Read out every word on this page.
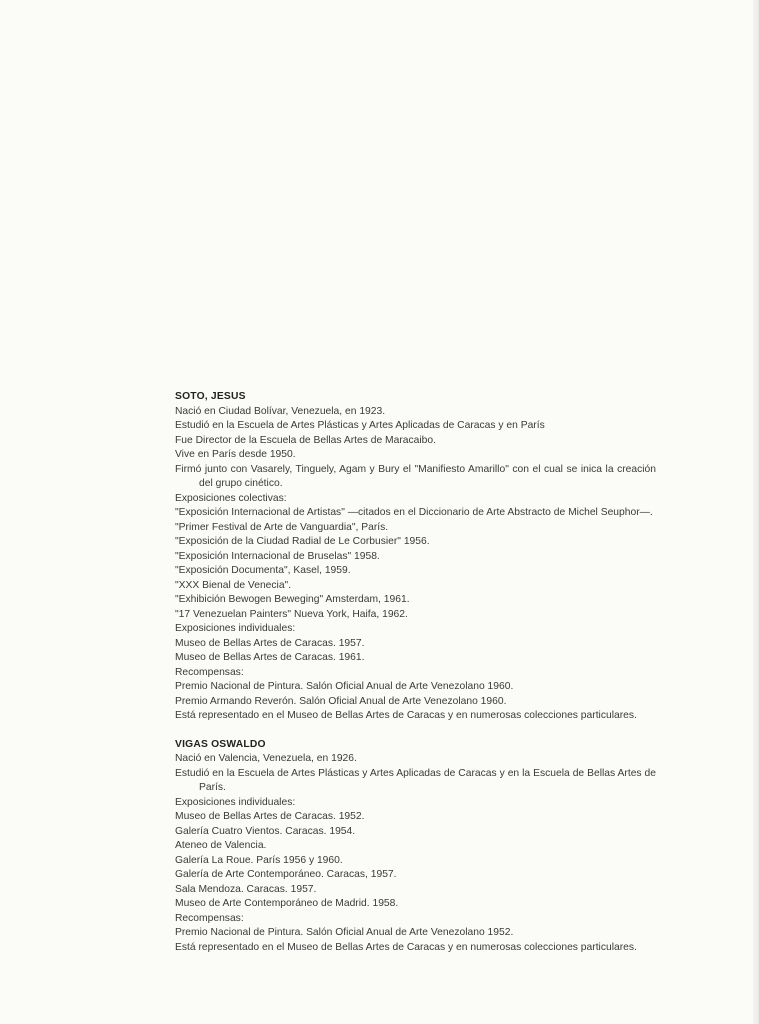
SOTO, JESUS

Nació en Ciudad Bolívar, Venezuela, en 1923.

Estudió en la Escuela de Artes Plásticas y Artes Aplicadas de Caracas y en París

Fue Director de la Escuela de Bellas Artes de Maracaibo.

Vive en París desde 1950.

Firmó junto con Vasarely, Tinguely, Agam y Bury el "Manifiesto Amarillo" con el cual se inica la creación del grupo cinético.

Exposiciones colectivas:

"Exposición Internacional de Artistas" —citados en el Diccionario de Arte Abstracto de Michel Seuphor—.

"Primer Festival de Arte de Vanguardia", París.

"Exposición de la Ciudad Radial de Le Corbusier" 1956.

"Exposición Internacional de Bruselas" 1958.

"Exposición Documenta", Kasel, 1959.

"XXX Bienal de Venecia".

"Exhibición Bewogen Beweging" Amsterdam, 1961.

"17 Venezuelan Painters" Nueva York, Haifa, 1962.

Exposiciones individuales:

Museo de Bellas Artes de Caracas. 1957.

Museo de Bellas Artes de Caracas. 1961.

Recompensas:

Premio Nacional de Pintura. Salón Oficial Anual de Arte Venezolano 1960.

Premio Armando Reverón. Salón Oficial Anual de Arte Venezolano 1960.

Está representado en el Museo de Bellas Artes de Caracas y en numerosas colecciones particulares.

VIGAS OSWALDO

Nació en Valencia, Venezuela, en 1926.

Estudió en la Escuela de Artes Plásticas y Artes Aplicadas de Caracas y en la Escuela de Bellas Artes de París.

Exposiciones individuales:

Museo de Bellas Artes de Caracas. 1952.

Galería Cuatro Vientos. Caracas. 1954.

Ateneo de Valencia.

Galería La Roue. París 1956 y 1960.

Galería de Arte Contemporáneo. Caracas, 1957.

Sala Mendoza. Caracas. 1957.

Museo de Arte Contemporáneo de Madrid. 1958.

Recompensas:

Premio Nacional de Pintura. Salón Oficial Anual de Arte Venezolano 1952.

Está representado en el Museo de Bellas Artes de Caracas y en numerosas colecciones particulares.
